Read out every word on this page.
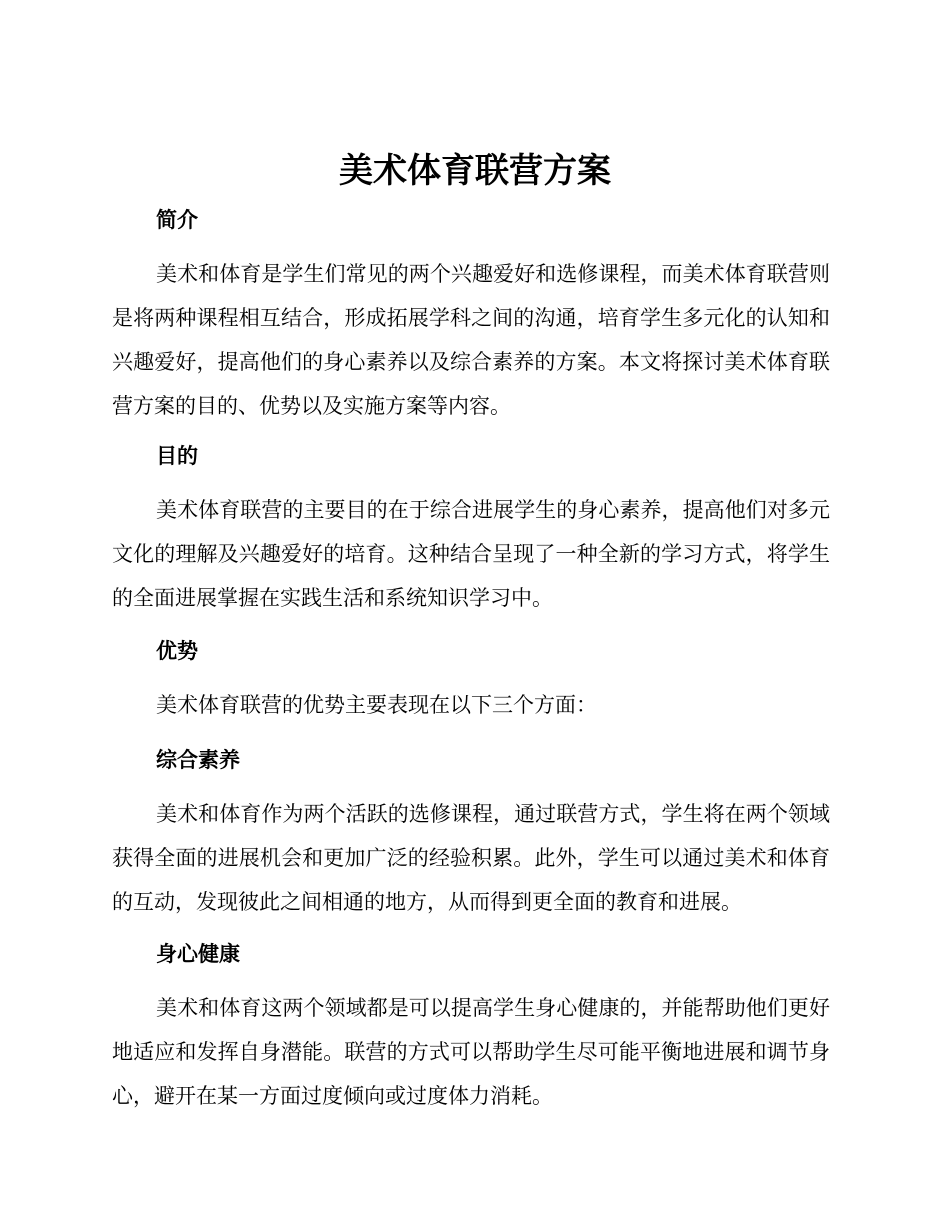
美术体育联营方案
简介

美术和体育是学生们常见的两个兴趣爱好和选修课程，而美术体育联营则是将两种课程相互结合，形成拓展学科之间的沟通，培育学生多元化的认知和兴趣爱好，提高他们的身心素养以及综合素养的方案。本文将探讨美术体育联营方案的目的、优势以及实施方案等内容。

目的

美术体育联营的主要目的在于综合进展学生的身心素养，提高他们对多元文化的理解及兴趣爱好的培育。这种结合呈现了一种全新的学习方式，将学生的全面进展掌握在实践生活和系统知识学习中。

优势

美术体育联营的优势主要表现在以下三个方面：

综合素养

美术和体育作为两个活跃的选修课程，通过联营方式，学生将在两个领域获得全面的进展机会和更加广泛的经验积累。此外，学生可以通过美术和体育的互动，发现彼此之间相通的地方，从而得到更全面的教育和进展。

身心健康

美术和体育这两个领域都是可以提高学生身心健康的，并能帮助他们更好地适应和发挥自身潜能。联营的方式可以帮助学生尽可能平衡地进展和调节身心，避开在某一方面过度倾向或过度体力消耗。
